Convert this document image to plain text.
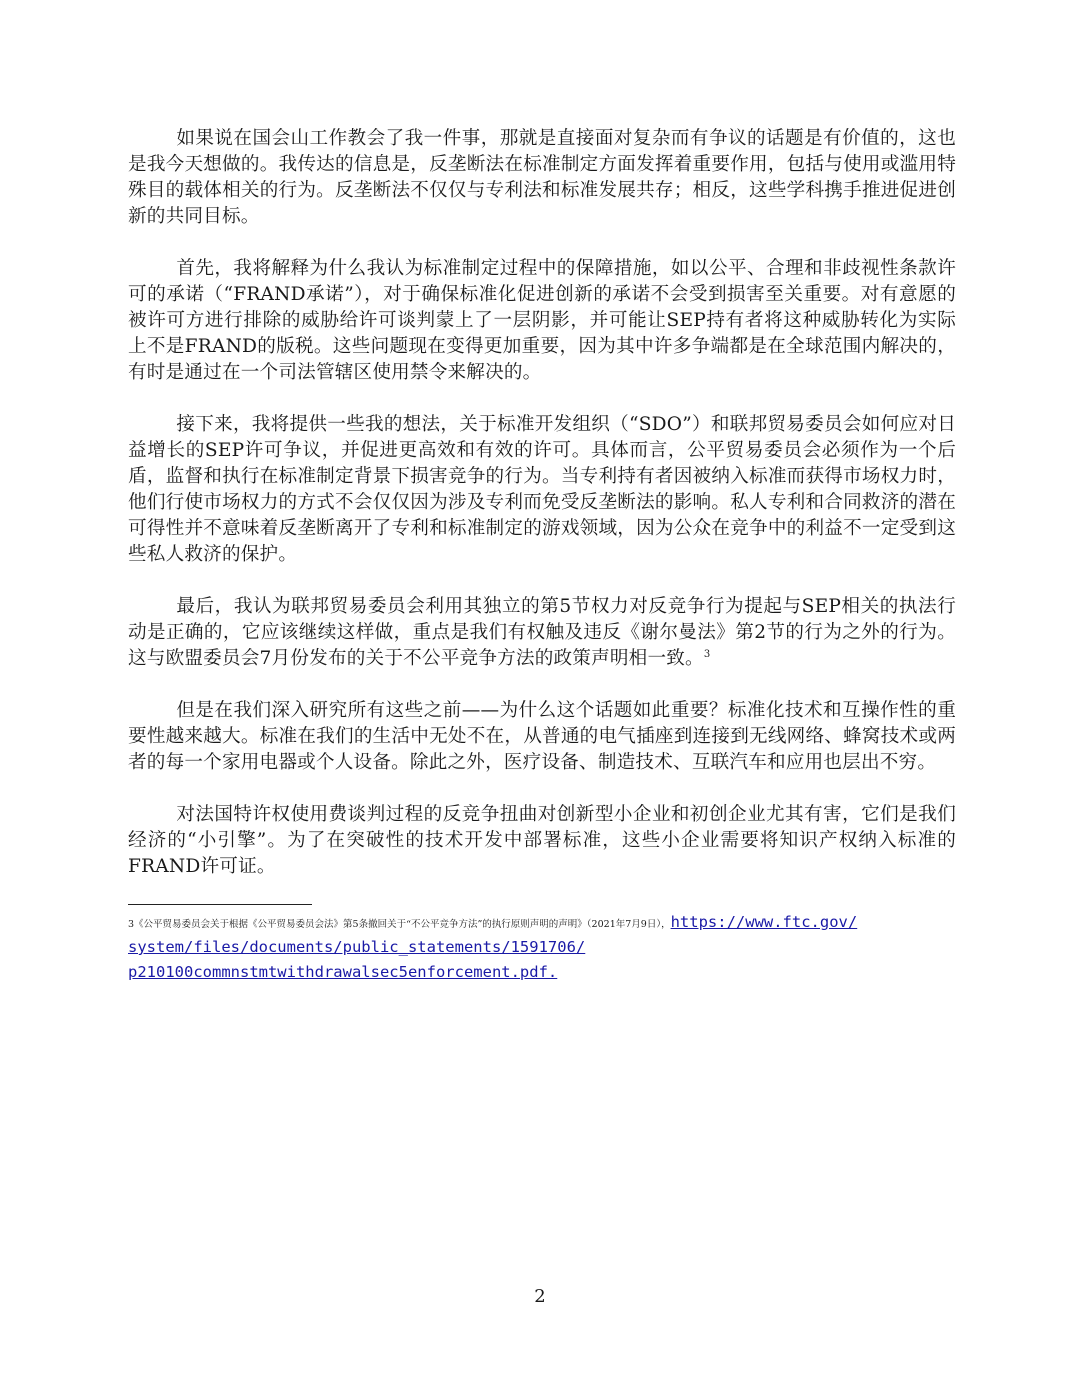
如果说在国会山工作教会了我一件事，那就是直接面对复杂而有争议的话题是有价值的，这也是我今天想做的。我传达的信息是，反垄断法在标准制定方面发挥着重要作用，包括与使用或滥用特殊目的载体相关的行为。反垄断法不仅仅与专利法和标准发展共存；相反，这些学科携手推进促进创新的共同目标。

首先，我将解释为什么我认为标准制定过程中的保障措施，如以公平、合理和非歧视性条款许可的承诺（“FRAND承诺”），对于确保标准化促进创新的承诺不会受到损害至关重要。对有意愿的被许可方进行排除的威胁给许可谈判蒙上了一层阴影，并可能让SEP持有者将这种威胁转化为实际上不是FRAND的版税。这些问题现在变得更加重要，因为其中许多争端都是在全球范围内解决的，有时是通过在一个司法管辖区使用禁令来解决的。

接下来，我将提供一些我的想法，关于标准开发组织（“SDO”）和联邦贸易委员会如何应对日益增长的SEP许可争议，并促进更高效和有效的许可。具体而言，公平贸易委员会必须作为一个后盾，监督和执行在标准制定背景下损害竞争的行为。当专利持有者因被纳入标准而获得市场权力时，他们行使市场权力的方式不会仅仅因为涉及专利而免受反垄断法的影响。私人专利和合同救济的潜在可得性并不意味着反垄断离开了专利和标准制定的游戏领域，因为公众在竞争中的利益不一定受到这些私人救济的保护。

最后，我认为联邦贸易委员会利用其独立的第5节权力对反竞争行为提起与SEP相关的执法行动是正确的，它应该继续这样做，重点是我们有权触及违反《谢尔曼法》第2节的行为之外的行为。这与欧盟委员会7月份发布的关于不公平竞争方法的政策声明相一致。$^3$

但是在我们深入研究所有这些之前——为什么这个话题如此重要？标准化技术和互操作性的重要性越来越大。标准在我们的生活中无处不在，从普通的电气插座到连接到无线网络、蜂窝技术或两者的每一个家用电器或个人设备。除此之外，医疗设备、制造技术、互联汽车和应用也层出不穷。

对法国特许权使用费谈判过程的反竞争扭曲对创新型小企业和初创企业尤其有害，它们是我们经济的“小引擎”。为了在突破性的技术开发中部署标准，这些小企业需要将知识产权纳入标准的FRAND许可证。

3《公平贸易委员会关于根据《公平贸易委员会法》第5条撤回关于“不公平竞争方法”的执行原则声明的声明》（2021年7月9日），https://www.ftc.gov/
system/files/documents/public_statements/1591706/
p210100commnstmtwithdrawalsec5enforcement.pdf.
2
